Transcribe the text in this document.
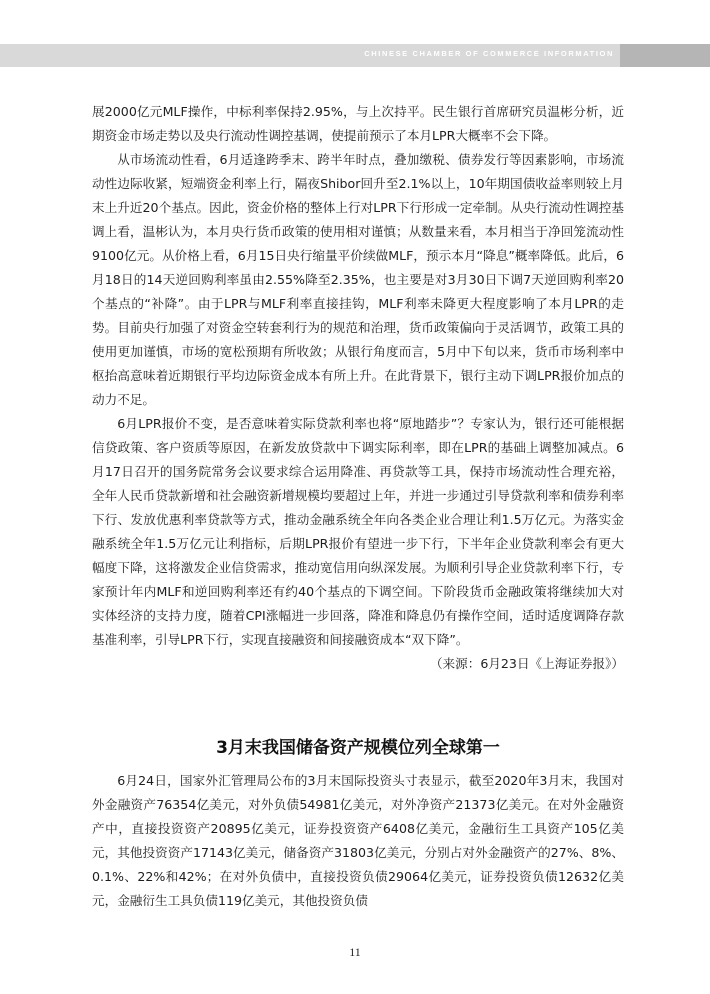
CHINESE CHAMBER OF COMMERCE INFORMATION

展2000亿元MLF操作，中标利率保持2.95%，与上次持平。民生银行首席研究员温彬分析，近期资金市场走势以及央行流动性调控基调，使提前预示了本月LPR大概率不会下降。

从市场流动性看，6月适逢跨季末、跨半年时点，叠加缴税、债券发行等因素影响，市场流动性边际收紧，短端资金利率上行，隔夜Shibor回升至2.1%以上，10年期国债收益率则较上月末上升近20个基点。因此，资金价格的整体上行对LPR下行形成一定牵制。从央行流动性调控基调上看，温彬认为，本月央行货币政策的使用相对谨慎；从数量来看，本月相当于净回笼流动性9100亿元。从价格上看，6月15日央行缩量平价续做MLF，预示本月“降息”概率降低。此后，6月18日的14天逆回购利率虽由2.55%降至2.35%，也主要是对3月30日下调7天逆回购利率20个基点的“补降”。由于LPR与MLF利率直接挂钩，MLF利率未降更大程度影响了本月LPR的走势。目前央行加强了对资金空转套利行为的规范和治理，货币政策偏向于灵活调节，政策工具的使用更加谨慎，市场的宽松预期有所收敛；从银行角度而言，5月中下旬以来，货币市场利率中枢抬高意味着近期银行平均边际资金成本有所上升。在此背景下，银行主动下调LPR报价加点的动力不足。

6月LPR报价不变，是否意味着实际贷款利率也将“原地踏步”？专家认为，银行还可能根据信贷政策、客户资质等原因，在新发放贷款中下调实际利率，即在LPR的基础上调整加减点。6月17日召开的国务院常务会议要求综合运用降准、再贷款等工具，保持市场流动性合理充裕，全年人民币贷款新增和社会融资新增规模均要超过上年，并进一步通过引导贷款利率和债券利率下行、发放优惠利率贷款等方式，推动金融系统全年向各类企业合理让利1.5万亿元。为落实金融系统全年1.5万亿元让利指标，后期LPR报价有望进一步下行，下半年企业贷款利率会有更大幅度下降，这将激发企业信贷需求，推动宽信用向纵深发展。为顺利引导企业贷款利率下行，专家预计年内MLF和逆回购利率还有约40个基点的下调空间。下阶段货币金融政策将继续加大对实体经济的支持力度，随着CPI涨幅进一步回落，降准和降息仍有操作空间，适时适度调降存款基准利率，引导LPR下行，实现直接融资和间接融资成本“双下降”。
（来源：6月23日《上海证券报》）

3月末我国储备资产规模位列全球第一

6月24日，国家外汇管理局公布的3月末国际投资头寸表显示，截至2020年3月末，我国对外金融资产76354亿美元，对外负债54981亿美元，对外净资产21373亿美元。在对外金融资产中，直接投资资产20895亿美元，证券投资资产6408亿美元，金融衍生工具资产105亿美元，其他投资资产17143亿美元，储备资产31803亿美元，分别占对外金融资产的27%、8%、0.1%、22%和42%；在对外负债中，直接投资负债29064亿美元，证券投资负债12632亿美元，金融衍生工具负债119亿美元，其他投资负债

11
